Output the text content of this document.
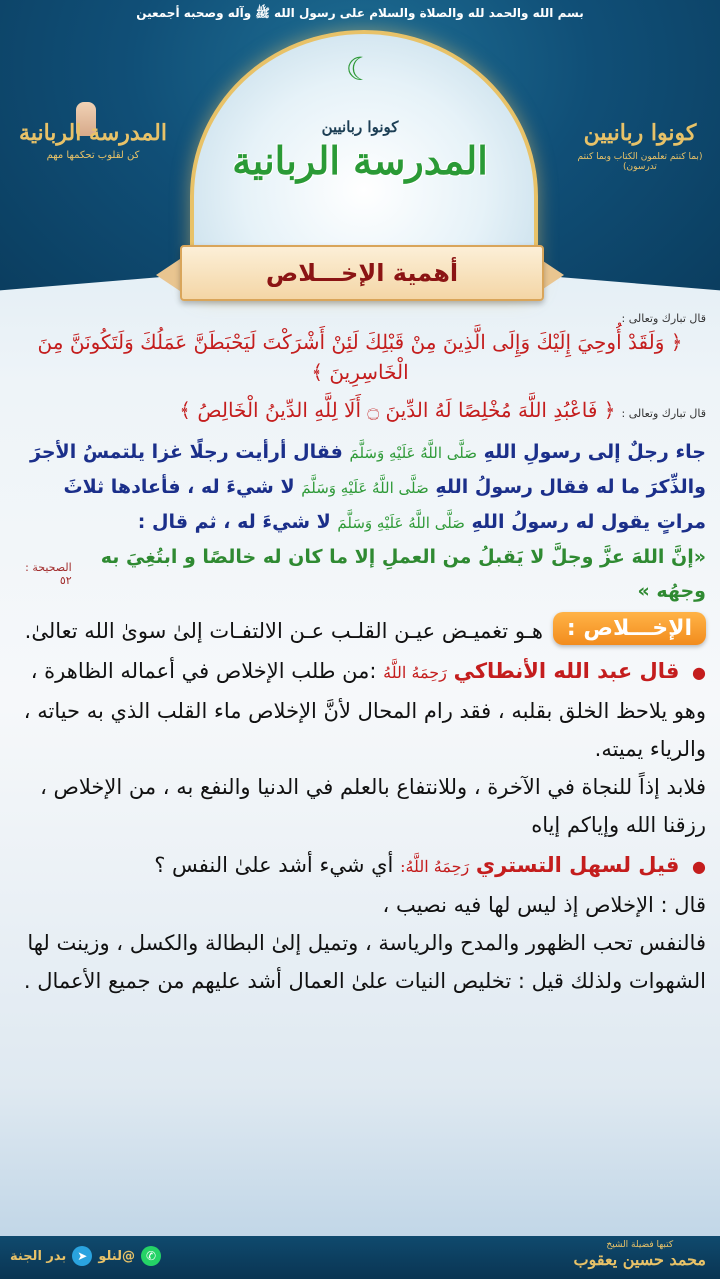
بسم الله والحمد لله والصلاة والسلام على رسول الله ﷺ وآله وصحبه أجمعين
☾
كونوا ربانيين
المدرسة الربانية
المدرسة الربانية
كن لقلوب تحكمها مهم
كونوا ربانيين
(بما كنتم تعلمون الكتاب وبما كنتم تدرسون)
أهمية الإخـــلاص
قال تبارك وتعالى :
﴿ وَلَقَدْ أُوحِيَ إِلَيْكَ وَإِلَى الَّذِينَ مِنْ قَبْلِكَ لَئِنْ أَشْرَكْتَ لَيَحْبَطَنَّ عَمَلُكَ وَلَتَكُونَنَّ مِنَ الْخَاسِرِينَ ﴾
قال تبارك وتعالى :
﴿ فَاعْبُدِ اللَّهَ مُخْلِصًا لَهُ الدِّينَ ۝ أَلَا لِلَّهِ الدِّينُ الْخَالِصُ ﴾
جاء رجلٌ إلى رسولِ اللهِ صَلَّى اللَّهُ عَلَيْهِ وَسَلَّمَ فقال أرأيت رجلًا غزا يلتمسُ الأجرَ والذِّكرَ ما له فقال رسولُ اللهِ صَلَّى اللَّهُ عَلَيْهِ وَسَلَّمَ لا شيءَ له ، فأعادها ثلاثَ مراتٍ يقول له رسولُ اللهِ صَلَّى اللَّهُ عَلَيْهِ وَسَلَّمَ لا شيءَ له ، ثم قال :
«إنَّ اللهَ عزَّ وجلَّ لا يَقبلُ من العملِ إلا ما كان له خالصًا و ابتُغِيَ به وجهُه »
الصحيحة : ٥٢
الإخـــلاص :
هـو تغميـض عيـن القلـب عـن الالتفـات إلىٰ سوىٰ الله تعالىٰ.
● قال عبد الله الأنطاكي رَحِمَهُ اللَّهُ :من طلب الإخلاص في أعماله الظاهرة ، وهو يلاحظ الخلق بقلبه ، فقد رام المحال لأنَّ الإخلاص ماء القلب الذي به حياته ، والرياء يميته.
فلابد إذاً للنجاة في الآخرة ، وللانتفاع بالعلم في الدنيا والنفع به ، من الإخلاص ، رزقنا الله وإياكم إياه
● قيل لسهل التستري رَحِمَهُ اللَّهُ: أي شيء أشد علىٰ النفس ؟
قال : الإخلاص إذ ليس لها فيه نصيب ،
فالنفس تحب الظهور والمدح والرياسة ، وتميل إلىٰ البطالة والكسل ، وزينت لها الشهوات ولذلك قيل : تخليص النيات علىٰ العمال أشد عليهم من جميع الأعمال .
✆
@لنلو
➤
بدر الجنة
كتبها فضيلة الشيخ
محمد حسين يعقوب
